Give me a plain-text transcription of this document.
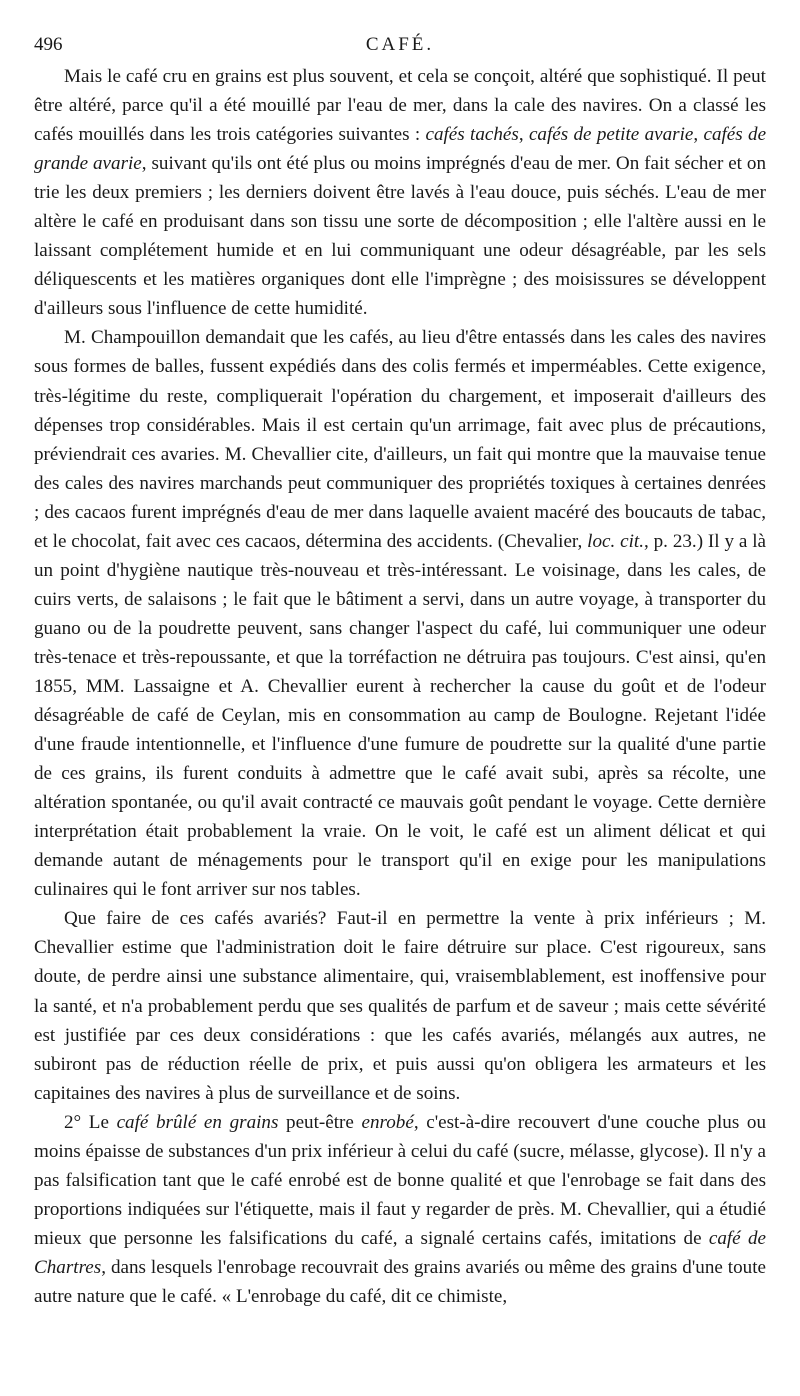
496	CAFÉ.

Mais le café cru en grains est plus souvent, et cela se conçoit, altéré que sophistiqué. Il peut être altéré, parce qu'il a été mouillé par l'eau de mer, dans la cale des navires. On a classé les cafés mouillés dans les trois catégories suivantes : cafés tachés, cafés de petite avarie, cafés de grande avarie, suivant qu'ils ont été plus ou moins imprégnés d'eau de mer. On fait sécher et on trie les deux premiers ; les derniers doivent être lavés à l'eau douce, puis séchés. L'eau de mer altère le café en produisant dans son tissu une sorte de décomposition ; elle l'altère aussi en le laissant complétement humide et en lui communiquant une odeur désagréable, par les sels déliquescents et les matières organiques dont elle l'imprègne ; des moisissures se développent d'ailleurs sous l'influence de cette humidité.

M. Champouillon demandait que les cafés, au lieu d'être entassés dans les cales des navires sous formes de balles, fussent expédiés dans des colis fermés et imperméables. Cette exigence, très-légitime du reste, compliquerait l'opération du chargement, et imposerait d'ailleurs des dépenses trop considérables. Mais il est certain qu'un arrimage, fait avec plus de précautions, préviendrait ces avaries. M. Chevallier cite, d'ailleurs, un fait qui montre que la mauvaise tenue des cales des navires marchands peut communiquer des propriétés toxiques à certaines denrées ; des cacaos furent imprégnés d'eau de mer dans laquelle avaient macéré des boucauts de tabac, et le chocolat, fait avec ces cacaos, détermina des accidents. (Chevalier, loc. cit., p. 23.) Il y a là un point d'hygiène nautique très-nouveau et très-intéressant. Le voisinage, dans les cales, de cuirs verts, de salaisons ; le fait que le bâtiment a servi, dans un autre voyage, à transporter du guano ou de la poudrette peuvent, sans changer l'aspect du café, lui communiquer une odeur très-tenace et très-repoussante, et que la torréfaction ne détruira pas toujours. C'est ainsi, qu'en 1855, MM. Lassaigne et A. Chevallier eurent à rechercher la cause du goût et de l'odeur désagréable de café de Ceylan, mis en consommation au camp de Boulogne. Rejetant l'idée d'une fraude intentionnelle, et l'influence d'une fumure de poudrette sur la qualité d'une partie de ces grains, ils furent conduits à admettre que le café avait subi, après sa récolte, une altération spontanée, ou qu'il avait contracté ce mauvais goût pendant le voyage. Cette dernière interprétation était probablement la vraie. On le voit, le café est un aliment délicat et qui demande autant de ménagements pour le transport qu'il en exige pour les manipulations culinaires qui le font arriver sur nos tables.

Que faire de ces cafés avariés? Faut-il en permettre la vente à prix inférieurs ; M. Chevallier estime que l'administration doit le faire détruire sur place. C'est rigoureux, sans doute, de perdre ainsi une substance alimentaire, qui, vraisemblablement, est inoffensive pour la santé, et n'a probablement perdu que ses qualités de parfum et de saveur ; mais cette sévérité est justifiée par ces deux considérations : que les cafés avariés, mélangés aux autres, ne subiront pas de réduction réelle de prix, et puis aussi qu'on obligera les armateurs et les capitaines des navires à plus de surveillance et de soins.

2° Le café brûlé en grains peut-être enrobé, c'est-à-dire recouvert d'une couche plus ou moins épaisse de substances d'un prix inférieur à celui du café (sucre, mélasse, glycose). Il n'y a pas falsification tant que le café enrobé est de bonne qualité et que l'enrobage se fait dans des proportions indiquées sur l'étiquette, mais il faut y regarder de près. M. Chevallier, qui a étudié mieux que personne les falsifications du café, a signalé certains cafés, imitations de café de Chartres, dans lesquels l'enrobage recouvrait des grains avariés ou même des grains d'une toute autre nature que le café. « L'enrobage du café, dit ce chimiste,
